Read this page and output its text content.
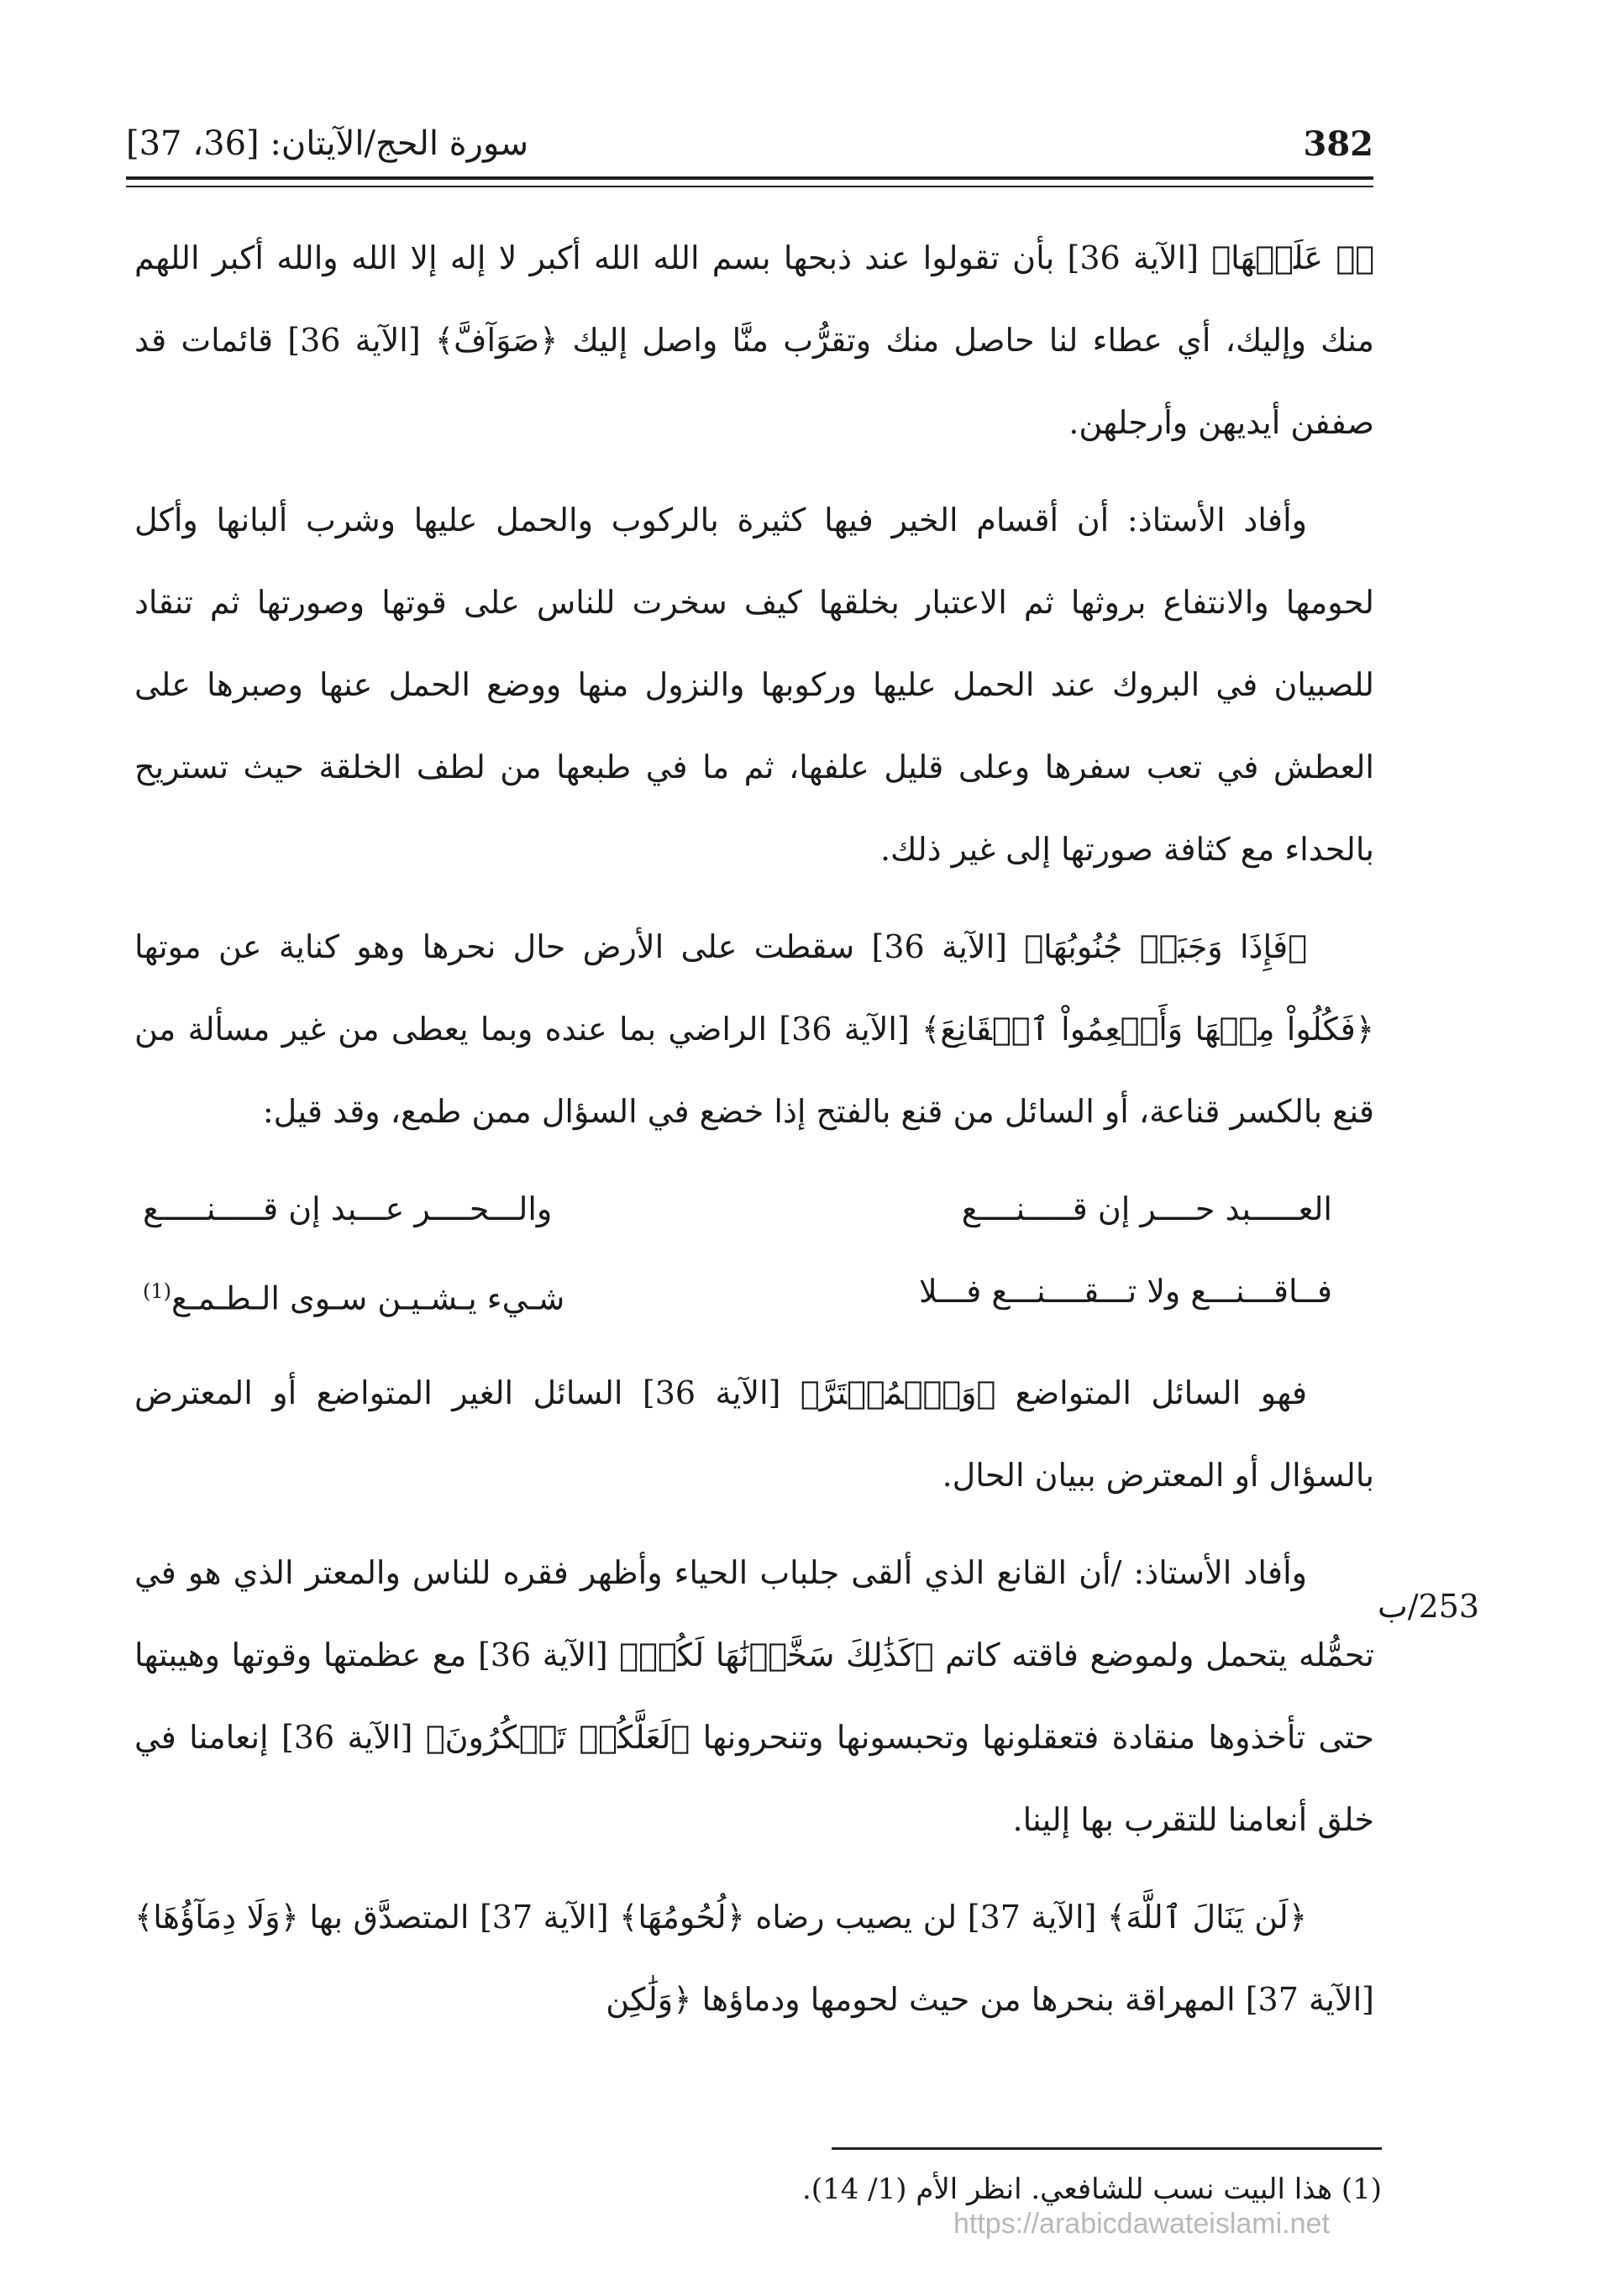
سورة الحج/الآيتان: [36، 37]	382

ﷲِ عَلَيۡهَا﴾ [الآية 36] بأن تقولوا عند ذبحها بسم الله الله أكبر لا إله إلا الله والله أكبر اللهم منك وإليك، أي عطاء لنا حاصل منك وتقرُّب منَّا واصل إليك ﴿صَوَآفَّ﴾ [الآية 36] قائمات قد صففن أيديهن وأرجلهن.

وأفاد الأستاذ: أن أقسام الخير فيها كثيرة بالركوب والحمل عليها وشرب ألبانها وأكل لحومها والانتفاع بروثها ثم الاعتبار بخلقها كيف سخرت للناس على قوتها وصورتها ثم تنقاد للصبيان في البروك عند الحمل عليها وركوبها والنزول منها ووضع الحمل عنها وصبرها على العطش في تعب سفرها وعلى قليل علفها، ثم ما في طبعها من لطف الخلقة حيث تستريح بالحداء مع كثافة صورتها إلى غير ذلك.

﴿فَإِذَا وَجَبَتۡ جُنُوبُهَا﴾ [الآية 36] سقطت على الأرض حال نحرها وهو كناية عن موتها ﴿فَكُلُواْ مِنۡهَا وَأَطۡعِمُواْ ٱلۡقَانِعَ﴾ [الآية 36] الراضي بما عنده وبما يعطى من غير مسألة من قنع بالكسر قناعة، أو السائل من قنع بالفتح إذا خضع في السؤال ممن طمع، وقد قيل:

العـــــبد حــــر إن قـــــنــــع
والـــحــــر عـــبد إن قـــــنـــــع
فــاقـــنـــع ولا تـــقــــنـــع فـــلا
شـيء يـشـيـن سـوى الـطـمـع$^{(1)}$

فهو السائل المتواضع ﴿وَٱلۡمُعۡتَرَّ﴾ [الآية 36] السائل الغير المتواضع أو المعترض بالسؤال أو المعترض ببيان الحال.

وأفاد الأستاذ: /أن القانع الذي ألقى جلباب الحياء وأظهر فقره للناس والمعتر الذي هو في تحمُّله يتحمل ولموضع فاقته كاتم ﴿كَذَٰلِكَ سَخَّرۡنَٰهَا لَكُمۡ﴾ [الآية 36] مع عظمتها وقوتها وهيبتها حتى تأخذوها منقادة فتعقلونها وتحبسونها وتنحرونها ﴿لَعَلَّكُمۡ تَشۡكُرُونَ﴾ [الآية 36] إنعامنا في خلق أنعامنا للتقرب بها إلينا.

﴿لَن يَنَالَ ٱللَّهَ﴾ [الآية 37] لن يصيب رضاه ﴿لُحُومُهَا﴾ [الآية 37] المتصدَّق بها ﴿وَلَا دِمَآؤُهَا﴾ [الآية 37] المهراقة بنحرها من حيث لحومها ودماؤها ﴿وَلَٰكِن

253/ب
(1) هذا البيت نسب للشافعي. انظر الأم (1/ 14).
https://arabicdawateislami.net
